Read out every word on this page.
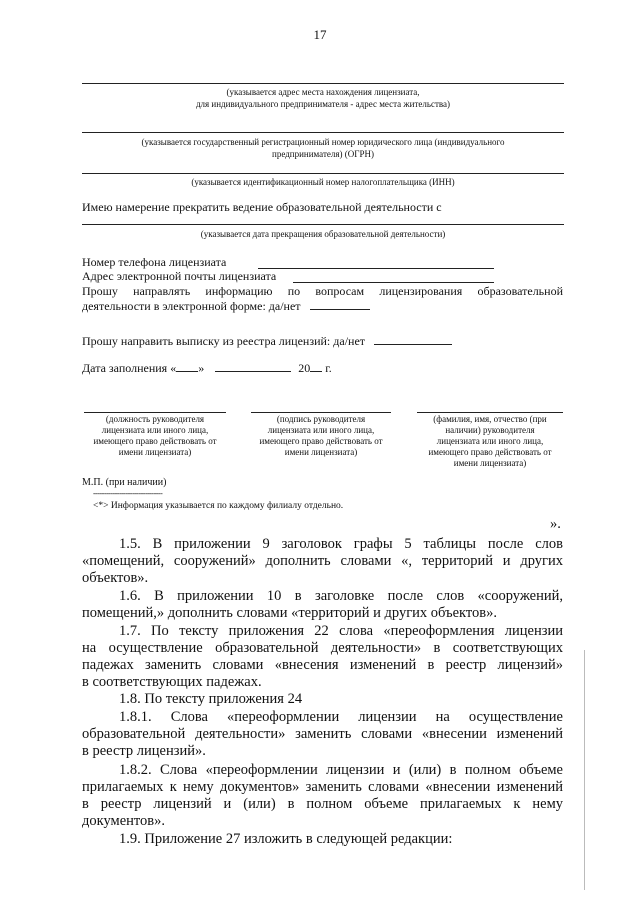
17
(указывается адрес места нахождения лицензиата,
для индивидуального предпринимателя - адрес места жительства)
(указывается государственный регистрационный номер юридического лица (индивидуального
предпринимателя) (ОГРН)
(указывается идентификационный номер налогоплательщика (ИНН)
Имею намерение прекратить ведение образовательной деятельности с
(указывается дата прекращения образовательной деятельности)
Номер телефона лицензиата
Адрес электронной почты лицензиата
Прошу направлять информацию по вопросам лицензирования образовательной
деятельности в электронной форме: да/нет
Прошу направить выписку из реестра лицензий: да/нет
Дата заполнения « »	20 г.
(должность руководителя
лицензиата или иного лица,
имеющего право действовать от
имени лицензиата)
(подпись руководителя
лицензиата или иного лица,
имеющего право действовать от
имени лицензиата)
(фамилия, имя, отчество (при
наличии) руководителя
лицензиата или иного лица,
имеющего право действовать от
имени лицензиата)
М.П. (при наличии)
--------------------------------
<*> Информация указывается по каждому филиалу отдельно.
».
1.5. В приложении 9 заголовок графы 5 таблицы после слов
«помещений, сооружений» дополнить словами «, территорий и других
объектов».
1.6. В приложении 10 в заголовке после слов «сооружений,
помещений,» дополнить словами «территорий и других объектов».
1.7. По тексту приложения 22 слова «переоформления лицензии
на осуществление образовательной деятельности» в соответствующих
падежах заменить словами «внесения изменений в реестр лицензий»
в соответствующих падежах.
1.8. По тексту приложения 24
1.8.1. Слова «переоформлении лицензии на осуществление
образовательной деятельности» заменить словами «внесении изменений
в реестр лицензий».
1.8.2. Слова «переоформлении лицензии и (или) в полном объеме
прилагаемых к нему документов» заменить словами «внесении изменений
в реестр лицензий и (или) в полном объеме прилагаемых к нему
документов».
1.9. Приложение 27 изложить в следующей редакции:
